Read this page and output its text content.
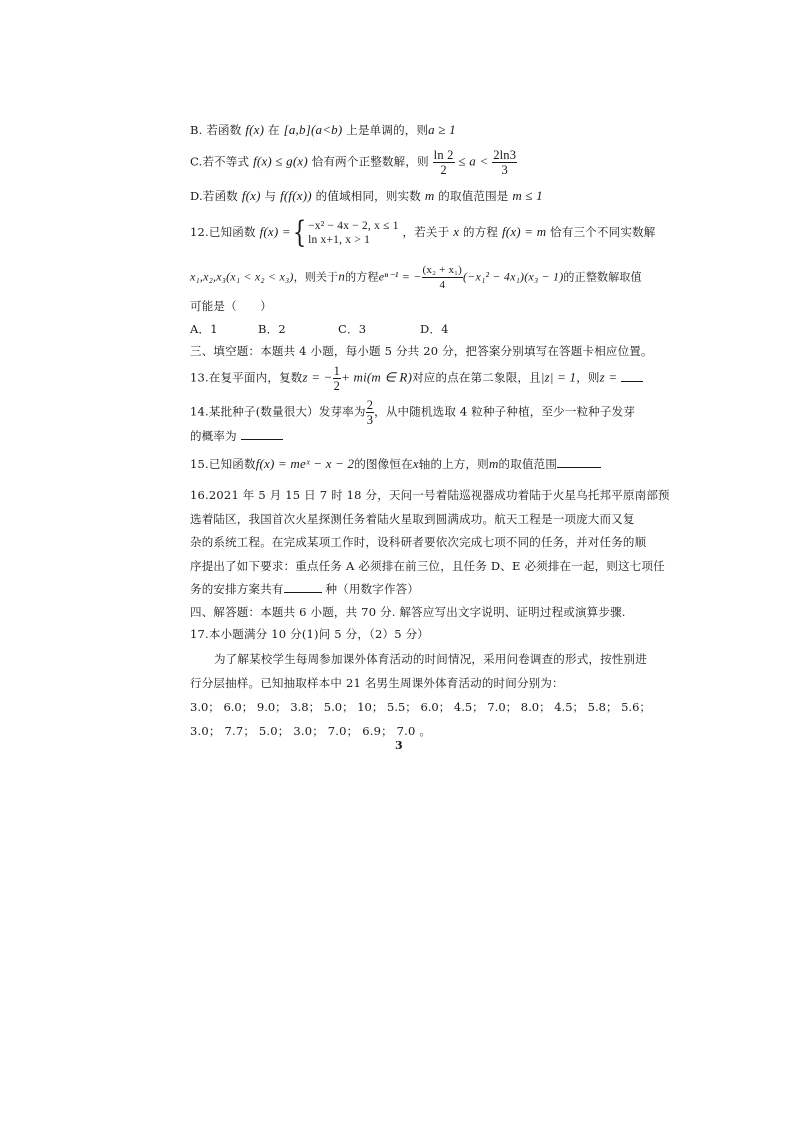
B. 若函数 f(x) 在 [a,b](a<b) 上是单调的，则a ≥ 1
C.若不等式 f(x) ≤ g(x) 恰有两个正整数解，则 $\frac{\ln 2}{2} \le a < \frac{2\ln 3}{3}$
D.若函数 f(x) 与 f(f(x)) 的值域相同，则实数 m 的取值范围是 m ≤ 1
12.已知函数 f(x) ={ −x² − 4x − 2, x ≤ 1
ln x+1, x > 1
，若关于 x 的方程 f(x) = m 恰有三个不同实数解
x₁,x₂,x₃(x₁ < x₂ < x₃)，则关于n的方程eⁿ⁻¹ = − $\frac{\text{(x₂ + x₁)}}{4} (-x_1^2 - 4x_1)(x_3 - 1)$的正整数解取值
可能是（　　）
A．1	B．2	C．3	D．4
三、填空题：本题共 4 小题，每小题 5 分共 20 分，把答案分别填写在答题卡相应位置。
13.在复平面内，复数z = − $\frac{1}{2} + mi(m$ ∈ R)对应的点在第二象限，且|z| = 1，则z =
14.某批种子(数量很大）发芽率为 $\frac{2}{3}$ ，从中随机选取 4 粒种子种植，至少一粒种子发芽
的概率为
15.已知函数f(x) = meˣ − x − 2的图像恒在x轴的上方，则m的取值范围
16.2021 年 5 月 15 日 7 时 18 分，天问一号着陆巡视器成功着陆于火星乌托邦平原南部预
选着陆区，我国首次火星探测任务着陆火星取到圆满成功。航天工程是一项庞大而又复
杂的系统工程。在完成某项工作时，设科研者要依次完成七项不同的任务，并对任务的顺
序提出了如下要求：重点任务 A 必须排在前三位，且任务 D、E 必须排在一起，则这七项任
务的安排方案共有	种（用数字作答）
四、解答题：本题共 6 小题，共 70 分. 解答应写出文字说明、证明过程或演算步骤.
17.本小题满分 10 分(1)问 5 分，（2）5 分）
为了解某校学生每周参加课外体育活动的时间情况，采用问卷调查的形式，按性别进
行分层抽样。已知抽取样本中 21 名男生周课外体育活动的时间分别为：
3.0； 6.0； 9.0； 3.8； 5.0； 10； 5.5； 6.0； 4.5； 7.0； 8.0； 4.5； 5.8； 5.6；
3.0； 7.7； 5.0； 3.0； 7.0； 6.9； 7.0 。
3
